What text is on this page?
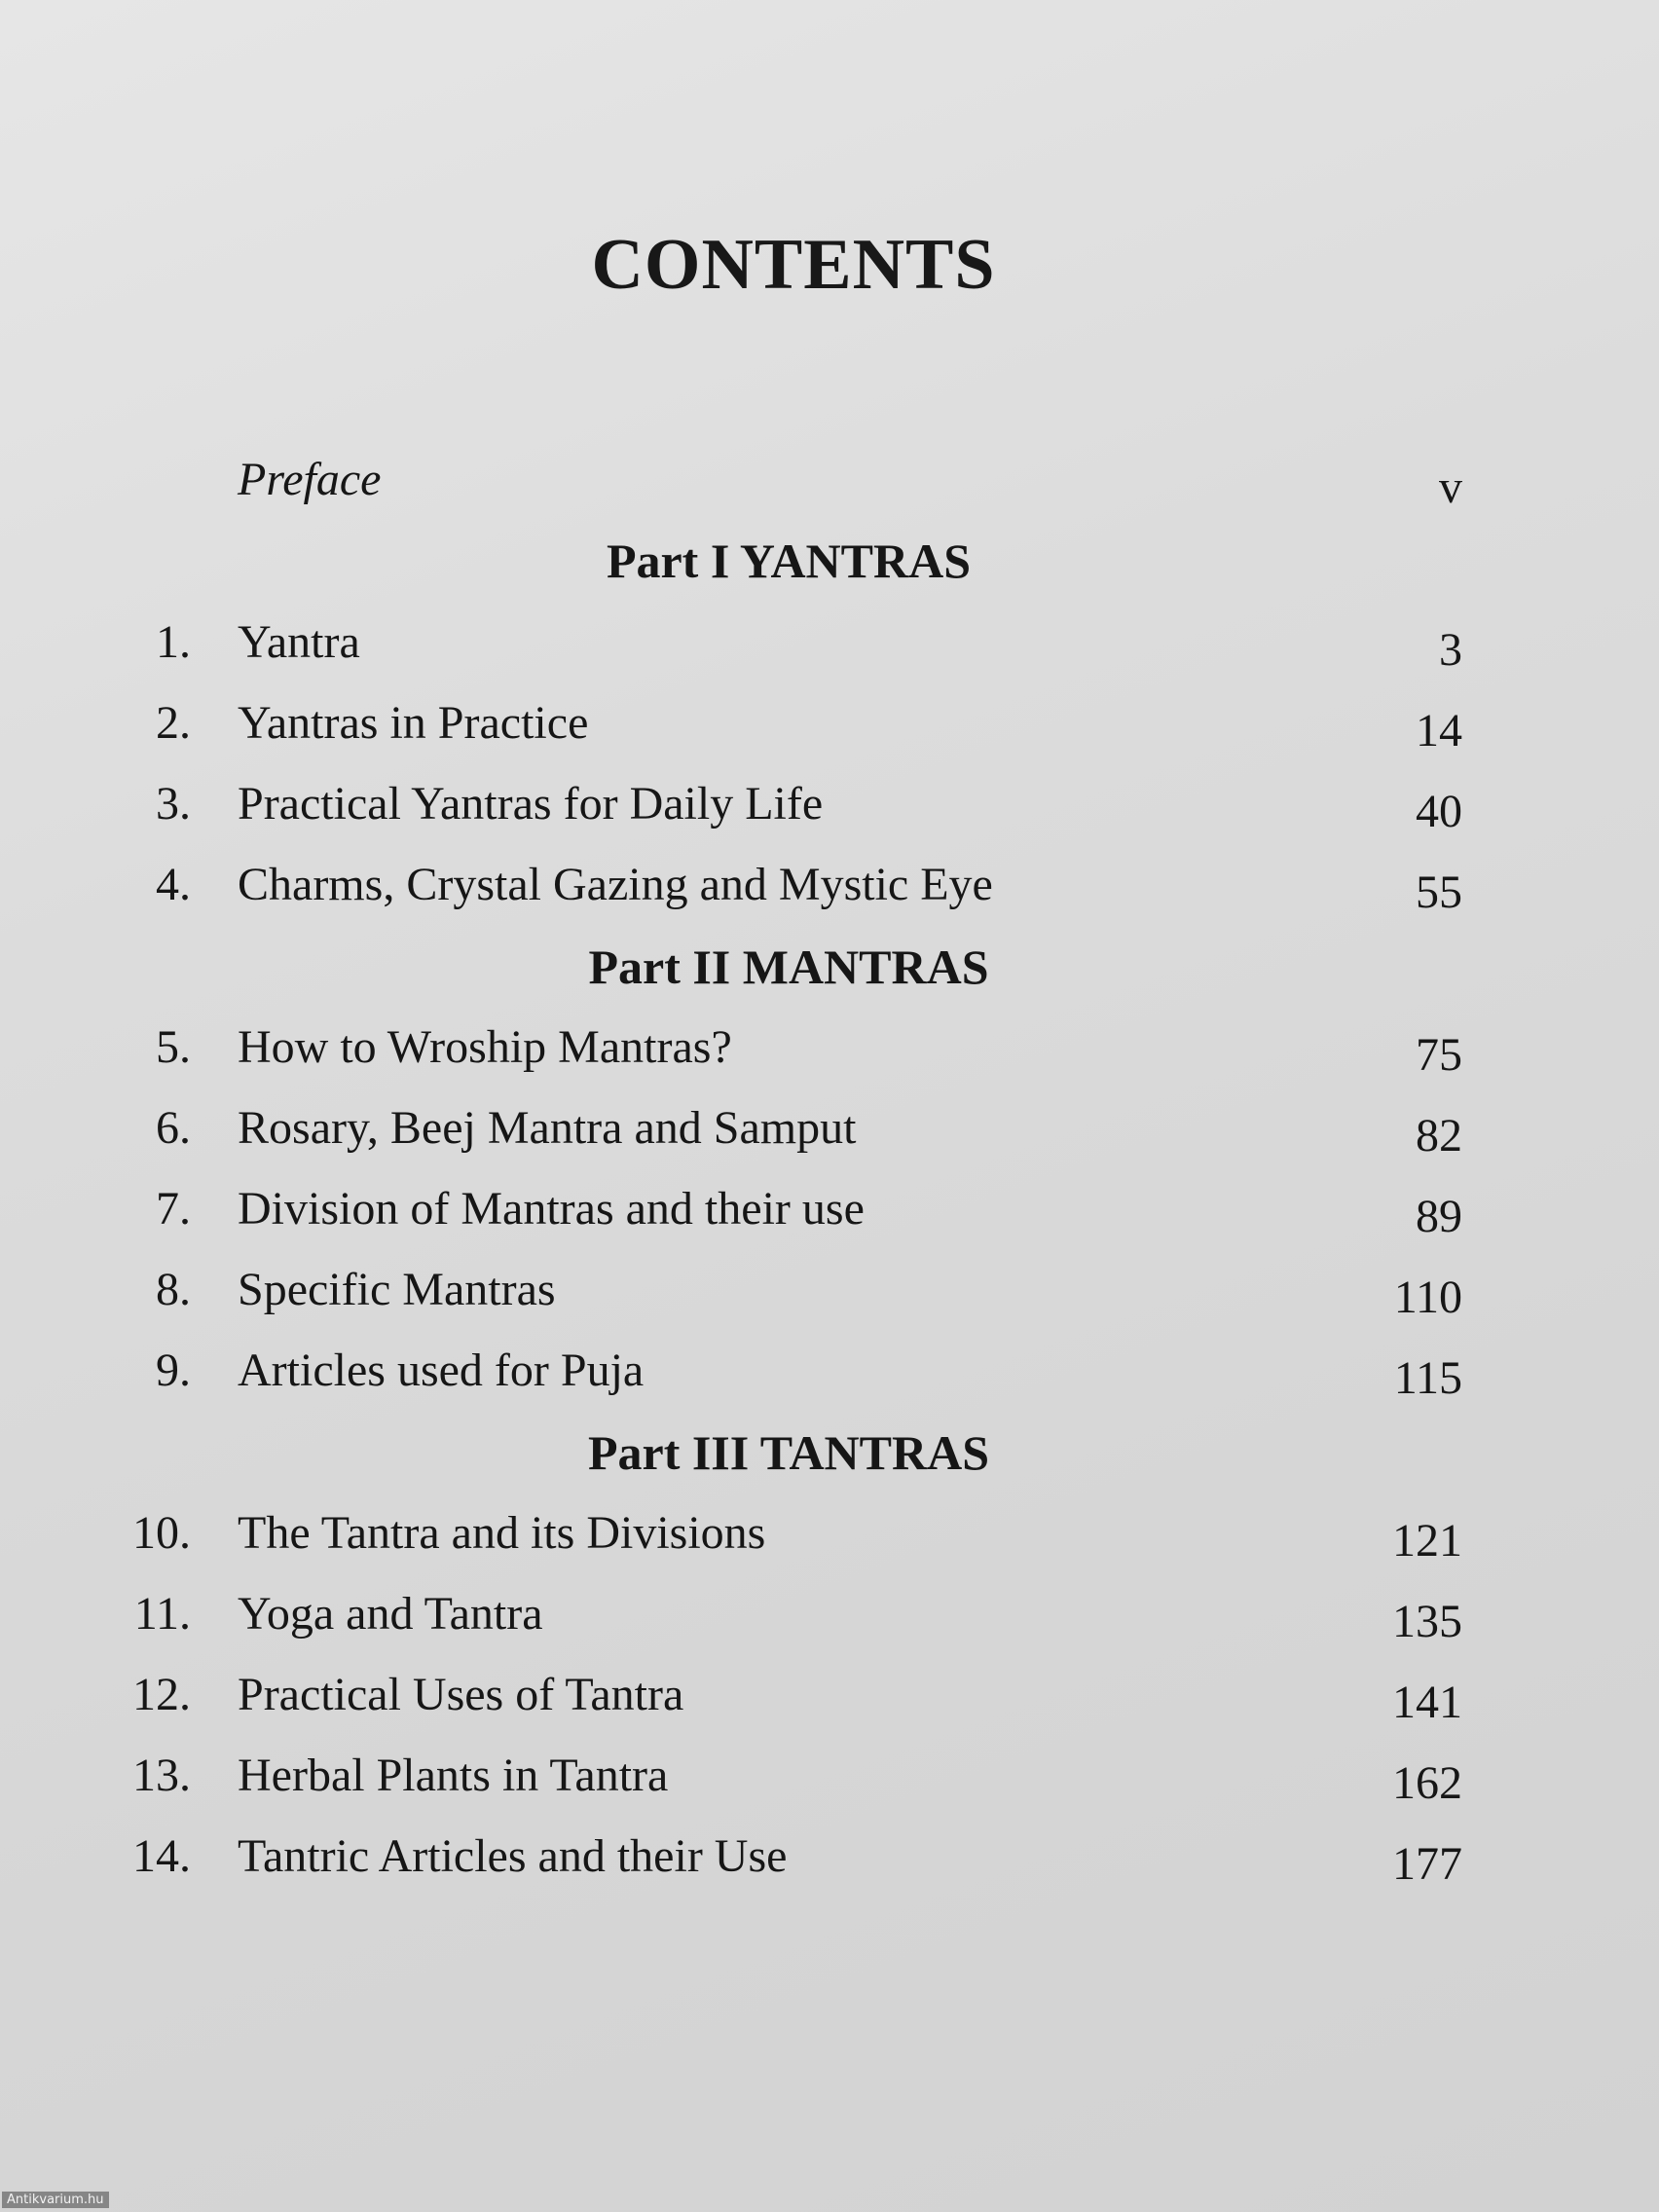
CONTENTS
Preface	v
Part I YANTRAS
1. Yantra	3
2. Yantras in Practice	14
3. Practical Yantras for Daily Life	40
4. Charms, Crystal Gazing and Mystic Eye	55
Part II MANTRAS
5. How to Wroship Mantras?	75
6. Rosary, Beej Mantra and Samput	82
7. Division of Mantras and their use	89
8. Specific Mantras	110
9. Articles used for Puja	115
Part III TANTRAS
10. The Tantra and its Divisions	121
11. Yoga and Tantra	135
12. Practical Uses of Tantra	141
13. Herbal Plants in Tantra	162
14. Tantric Articles and their Use	177
Antikvarium.hu
